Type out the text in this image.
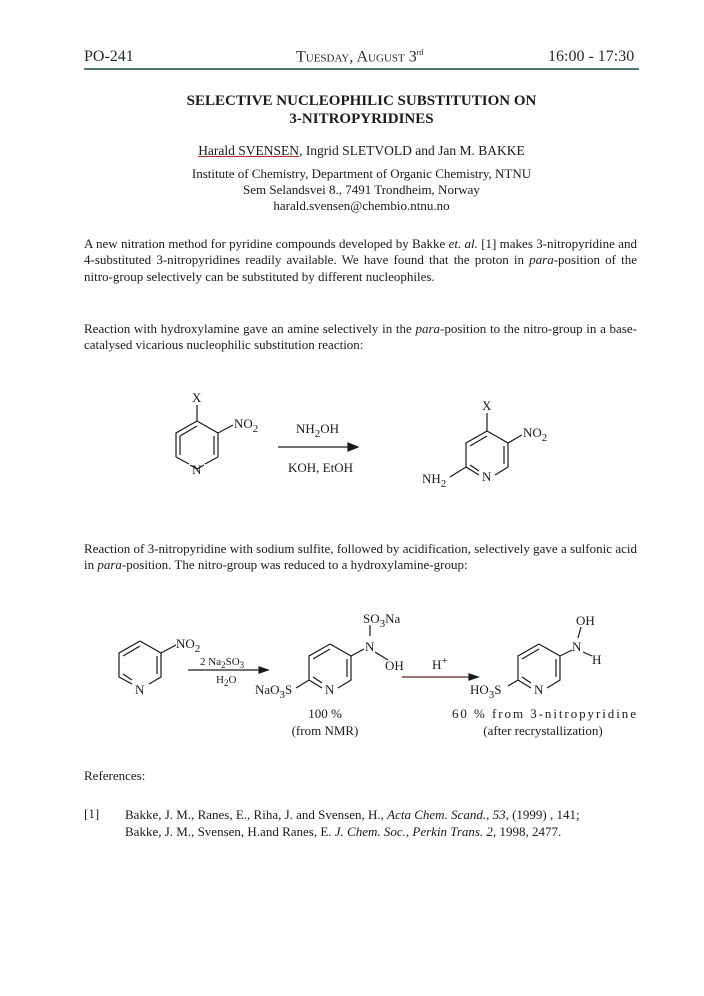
PO-241	Tuesday, August 3rd	16:00 - 17:30
SELECTIVE NUCLEOPHILIC SUBSTITUTION ON
3-NITROPYRIDINES
Harald SVENSEN, Ingrid SLETVOLD and Jan M. BAKKE
Institute of Chemistry, Department of Organic Chemistry, NTNU
Sem Selandsvei 8., 7491 Trondheim, Norway
harald.svensen@chembio.ntnu.no
A new nitration method for pyridine compounds developed by Bakke et. al. [1] makes 3-nitropyridine and 4-substituted 3-nitropyridines readily available. We have found that the proton in para-position of the nitro-group selectively can be substituted by different nucleophiles.
Reaction with hydroxylamine gave an amine selectively in the para-position to the nitro-group in a base-catalysed vicarious nucleophilic substitution reaction:
X
$NO_2$
N
$NH_2OH$
KOH, EtOH
X
$NO_2$
N
$NH_2$
$NO_2$
N
2 $Na_2SO_3$
$H_2O$
$SO_3Na$
N
OH
N
NaO$_3$S
H+
OH
N
H
N
$HO_3S$
100 %
(from NMR)
60 % from 3-nitropyridine
(after recrystallization)
Reaction of 3-nitropyridine with sodium sulfite, followed by acidification, selectively gave a sulfonic acid in para-position. The nitro-group was reduced to a hydroxylamine-group:
References:
[1] Bakke, J. M., Ranes, E., Riha, J. and Svensen, H., Acta Chem. Scand., 53, (1999) , 141;
Bakke, J. M., Svensen, H.and Ranes, E. J. Chem. Soc., Perkin Trans. 2, 1998, 2477.
